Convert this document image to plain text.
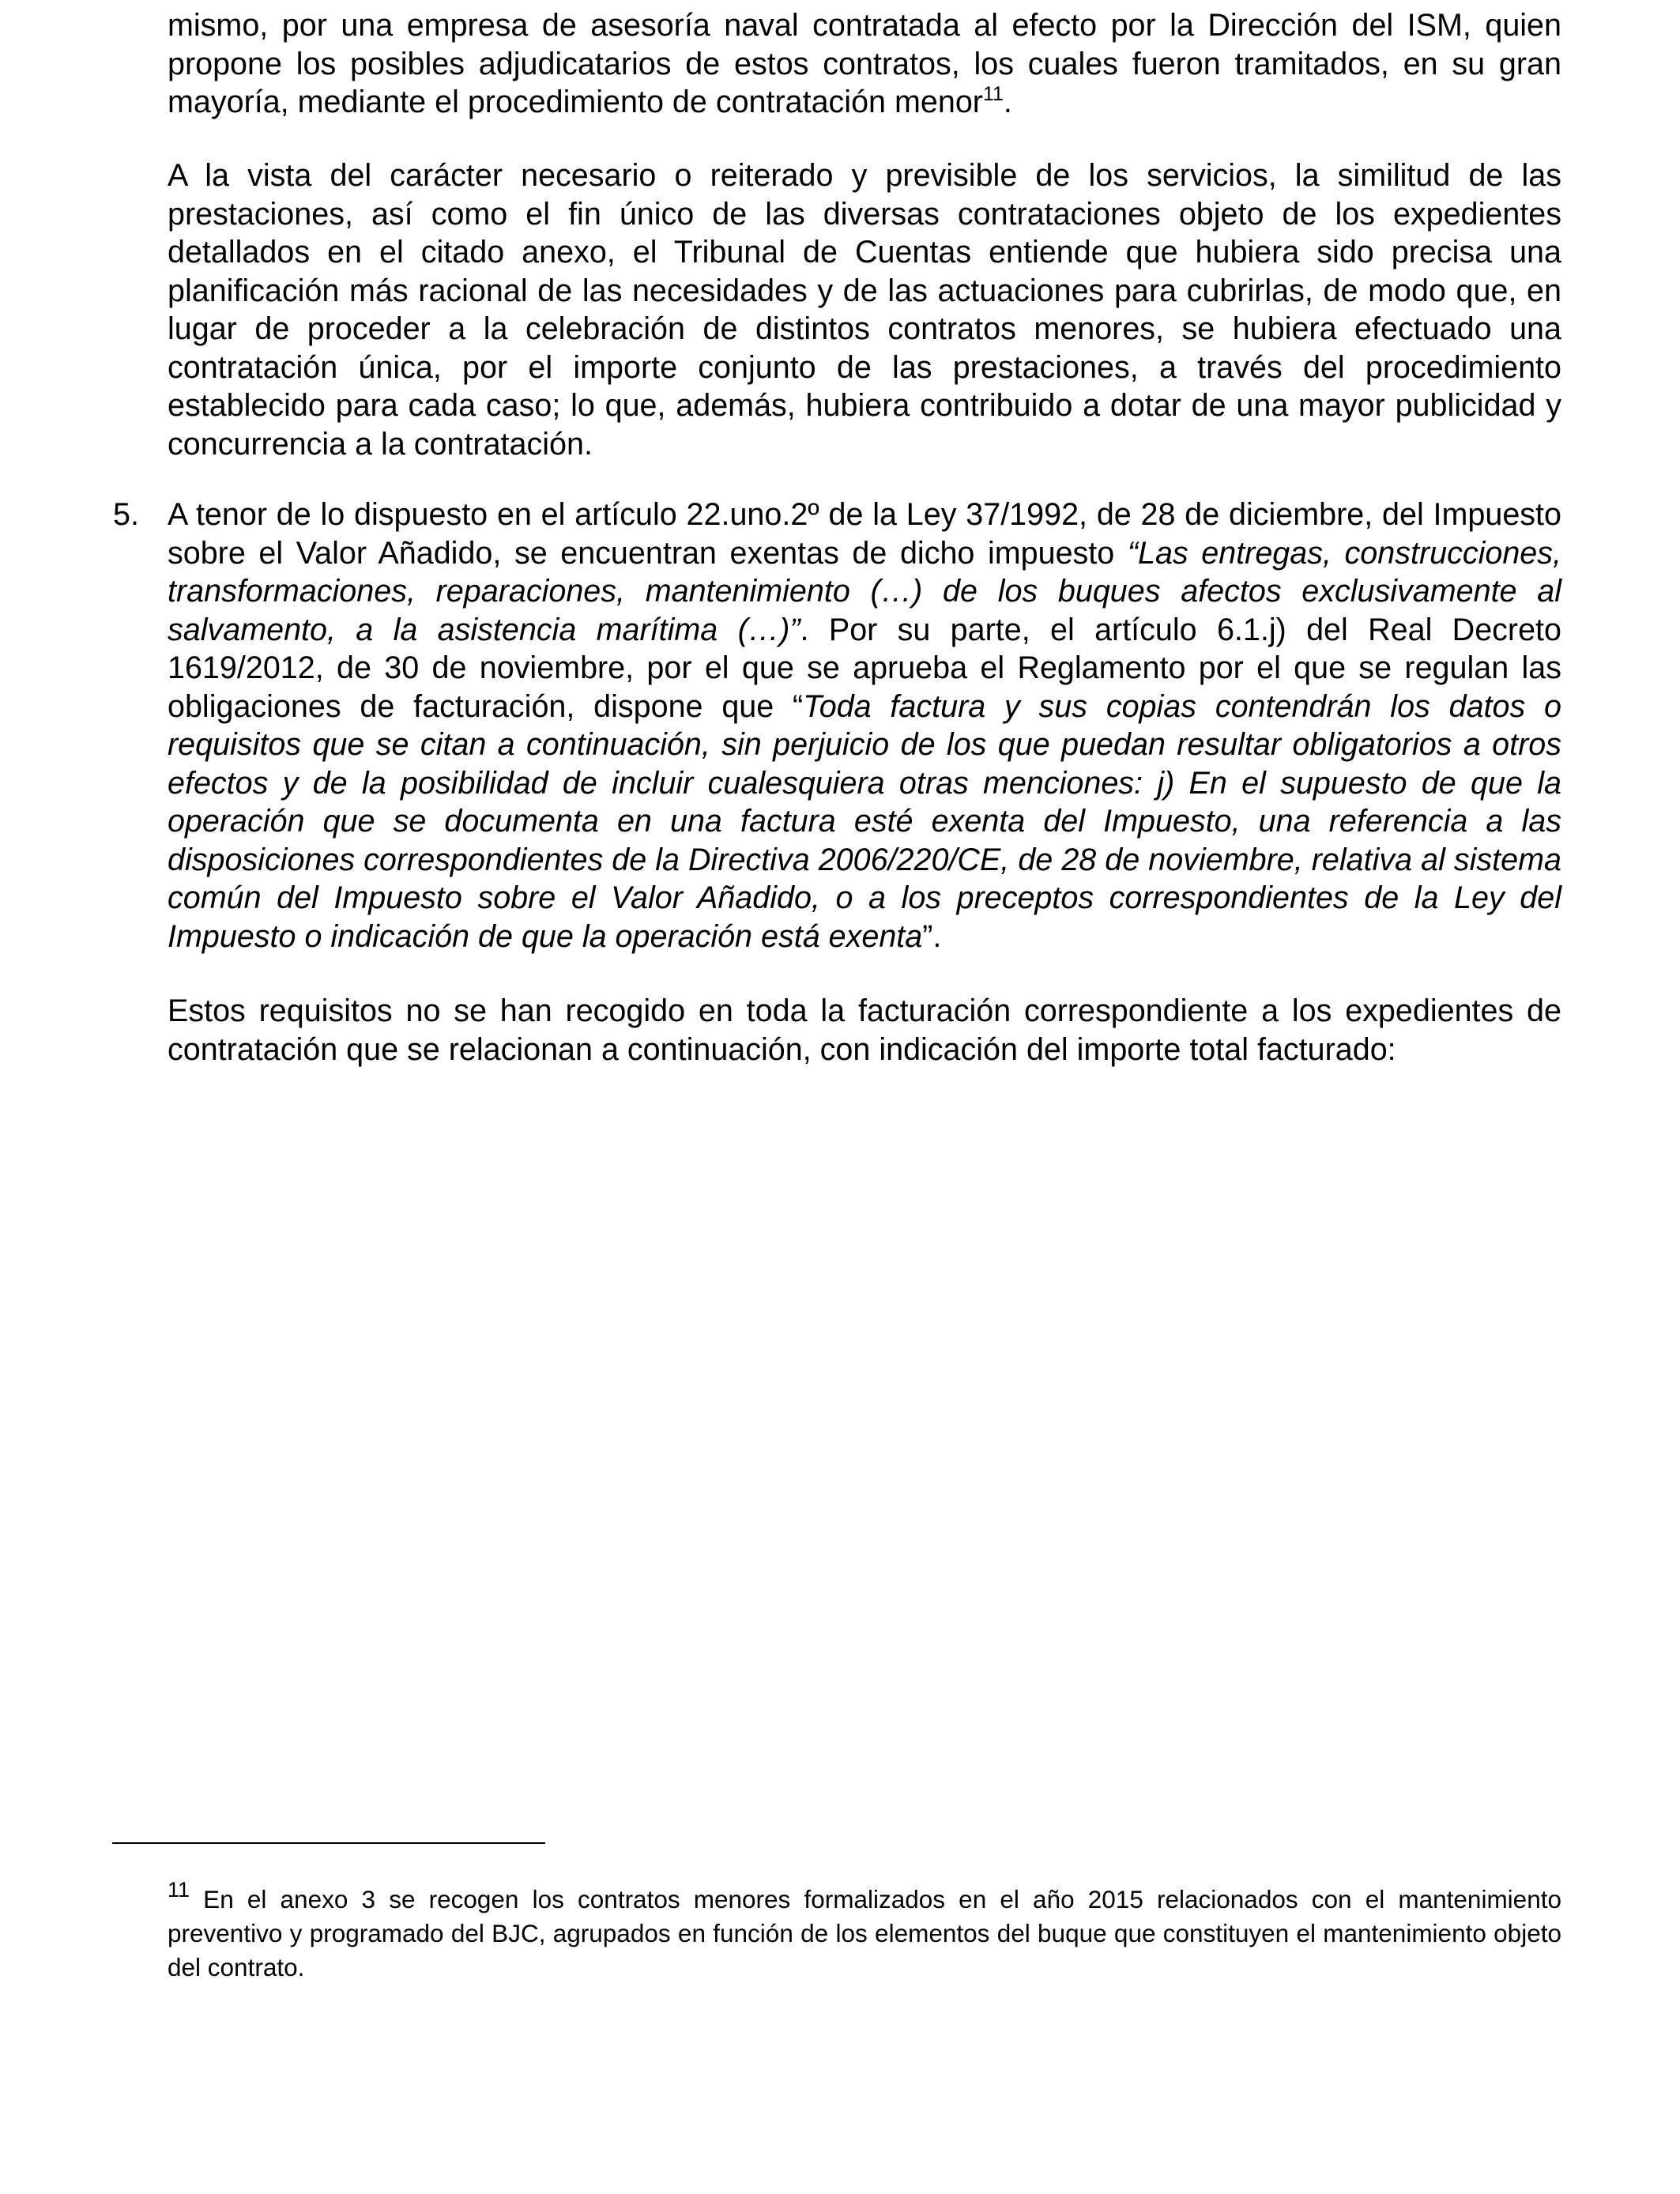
mismo, por una empresa de asesoría naval contratada al efecto por la Dirección del ISM, quien propone los posibles adjudicatarios de estos contratos, los cuales fueron tramitados, en su gran mayoría, mediante el procedimiento de contratación menor$^{11}$.

A la vista del carácter necesario o reiterado y previsible de los servicios, la similitud de las prestaciones, así como el fin único de las diversas contrataciones objeto de los expedientes detallados en el citado anexo, el Tribunal de Cuentas entiende que hubiera sido precisa una planificación más racional de las necesidades y de las actuaciones para cubrirlas, de modo que, en lugar de proceder a la celebración de distintos contratos menores, se hubiera efectuado una contratación única, por el importe conjunto de las prestaciones, a través del procedimiento establecido para cada caso; lo que, además, hubiera contribuido a dotar de una mayor publicidad y concurrencia a la contratación.

5. A tenor de lo dispuesto en el artículo 22.uno.2º de la Ley 37/1992, de 28 de diciembre, del Impuesto sobre el Valor Añadido, se encuentran exentas de dicho impuesto “Las entregas, construcciones, transformaciones, reparaciones, mantenimiento (…) de los buques afectos exclusivamente al salvamento, a la asistencia marítima (…)”. Por su parte, el artículo 6.1.j) del Real Decreto 1619/2012, de 30 de noviembre, por el que se aprueba el Reglamento por el que se regulan las obligaciones de facturación, dispone que “Toda factura y sus copias contendrán los datos o requisitos que se citan a continuación, sin perjuicio de los que puedan resultar obligatorios a otros efectos y de la posibilidad de incluir cualesquiera otras menciones: j) En el supuesto de que la operación que se documenta en una factura esté exenta del Impuesto, una referencia a las disposiciones correspondientes de la Directiva 2006/220/CE, de 28 de noviembre, relativa al sistema común del Impuesto sobre el Valor Añadido, o a los preceptos correspondientes de la Ley del Impuesto o indicación de que la operación está exenta”.

Estos requisitos no se han recogido en toda la facturación correspondiente a los expedientes de contratación que se relacionan a continuación, con indicación del importe total facturado:

$^{11}$ En el anexo 3 se recogen los contratos menores formalizados en el año 2015 relacionados con el mantenimiento preventivo y programado del BJC, agrupados en función de los elementos del buque que constituyen el mantenimiento objeto del contrato.
